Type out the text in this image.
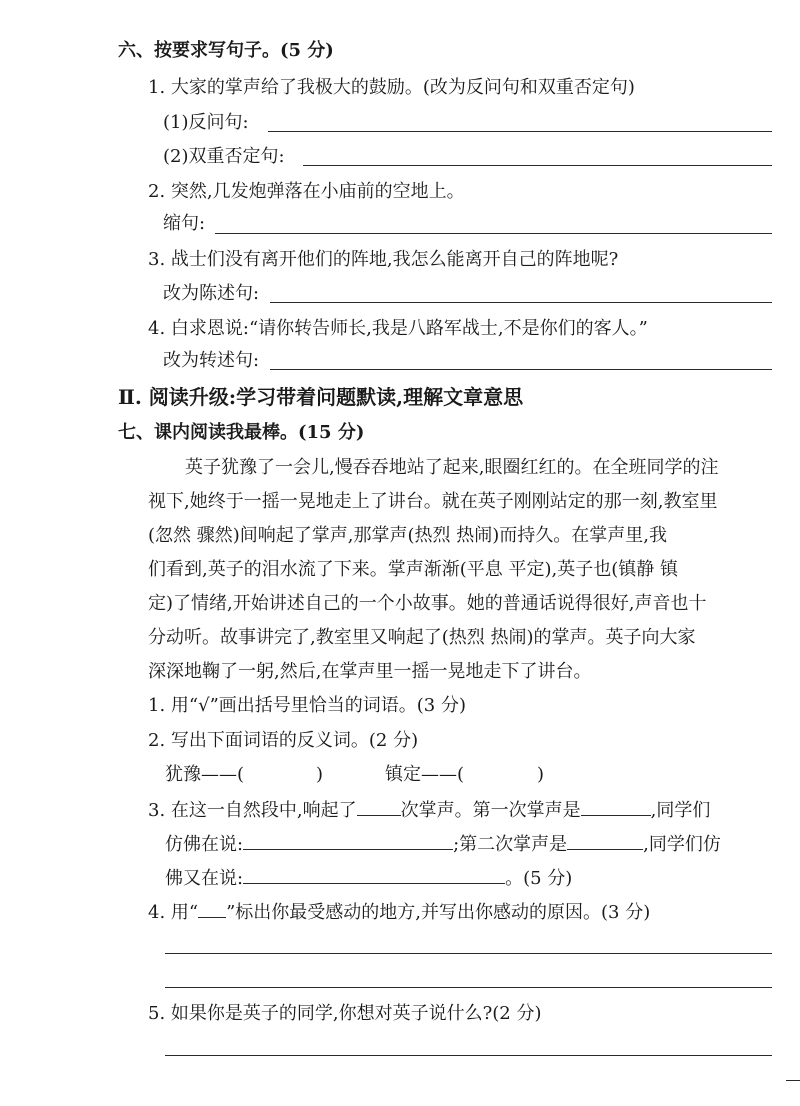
六、按要求写句子。(5 分)
1. 大家的掌声给了我极大的鼓励。(改为反问句和双重否定句)
(1)反问句:
(2)双重否定句:
2. 突然,几发炮弹落在小庙前的空地上。
缩句:
3. 战士们没有离开他们的阵地,我怎么能离开自己的阵地呢?
改为陈述句:
4. 白求恩说:“请你转告师长,我是八路军战士,不是你们的客人。”
改为转述句:
Ⅱ. 阅读升级:学习带着问题默读,理解文章意思
七、课内阅读我最棒。(15 分)
英子犹豫了一会儿,慢吞吞地站了起来,眼圈红红的。在全班同学的注
视下,她终于一摇一晃地走上了讲台。就在英子刚刚站定的那一刻,教室里
(忽然 骤然)间响起了掌声,那掌声(热烈 热闹)而持久。在掌声里,我
们看到,英子的泪水流了下来。掌声渐渐(平息 平定),英子也(镇静 镇
定)了情绪,开始讲述自己的一个小故事。她的普通话说得很好,声音也十
分动听。故事讲完了,教室里又响起了(热烈 热闹)的掌声。英子向大家
深深地鞠了一躬,然后,在掌声里一摇一晃地走下了讲台。
1. 用“√”画出括号里恰当的词语。(3 分)
2. 写出下面词语的反义词。(2 分)
犹豫——(	)	镇定——(	)
3. 在这一自然段中,响起了 次掌声。第一次掌声是	,同学们
仿佛在说:	;第二次掌声是	,同学们仿
佛又在说:	。(5 分)
4. 用“ ”标出你最受感动的地方,并写出你感动的原因。(3 分)
5. 如果你是英子的同学,你想对英子说什么?(2 分)
